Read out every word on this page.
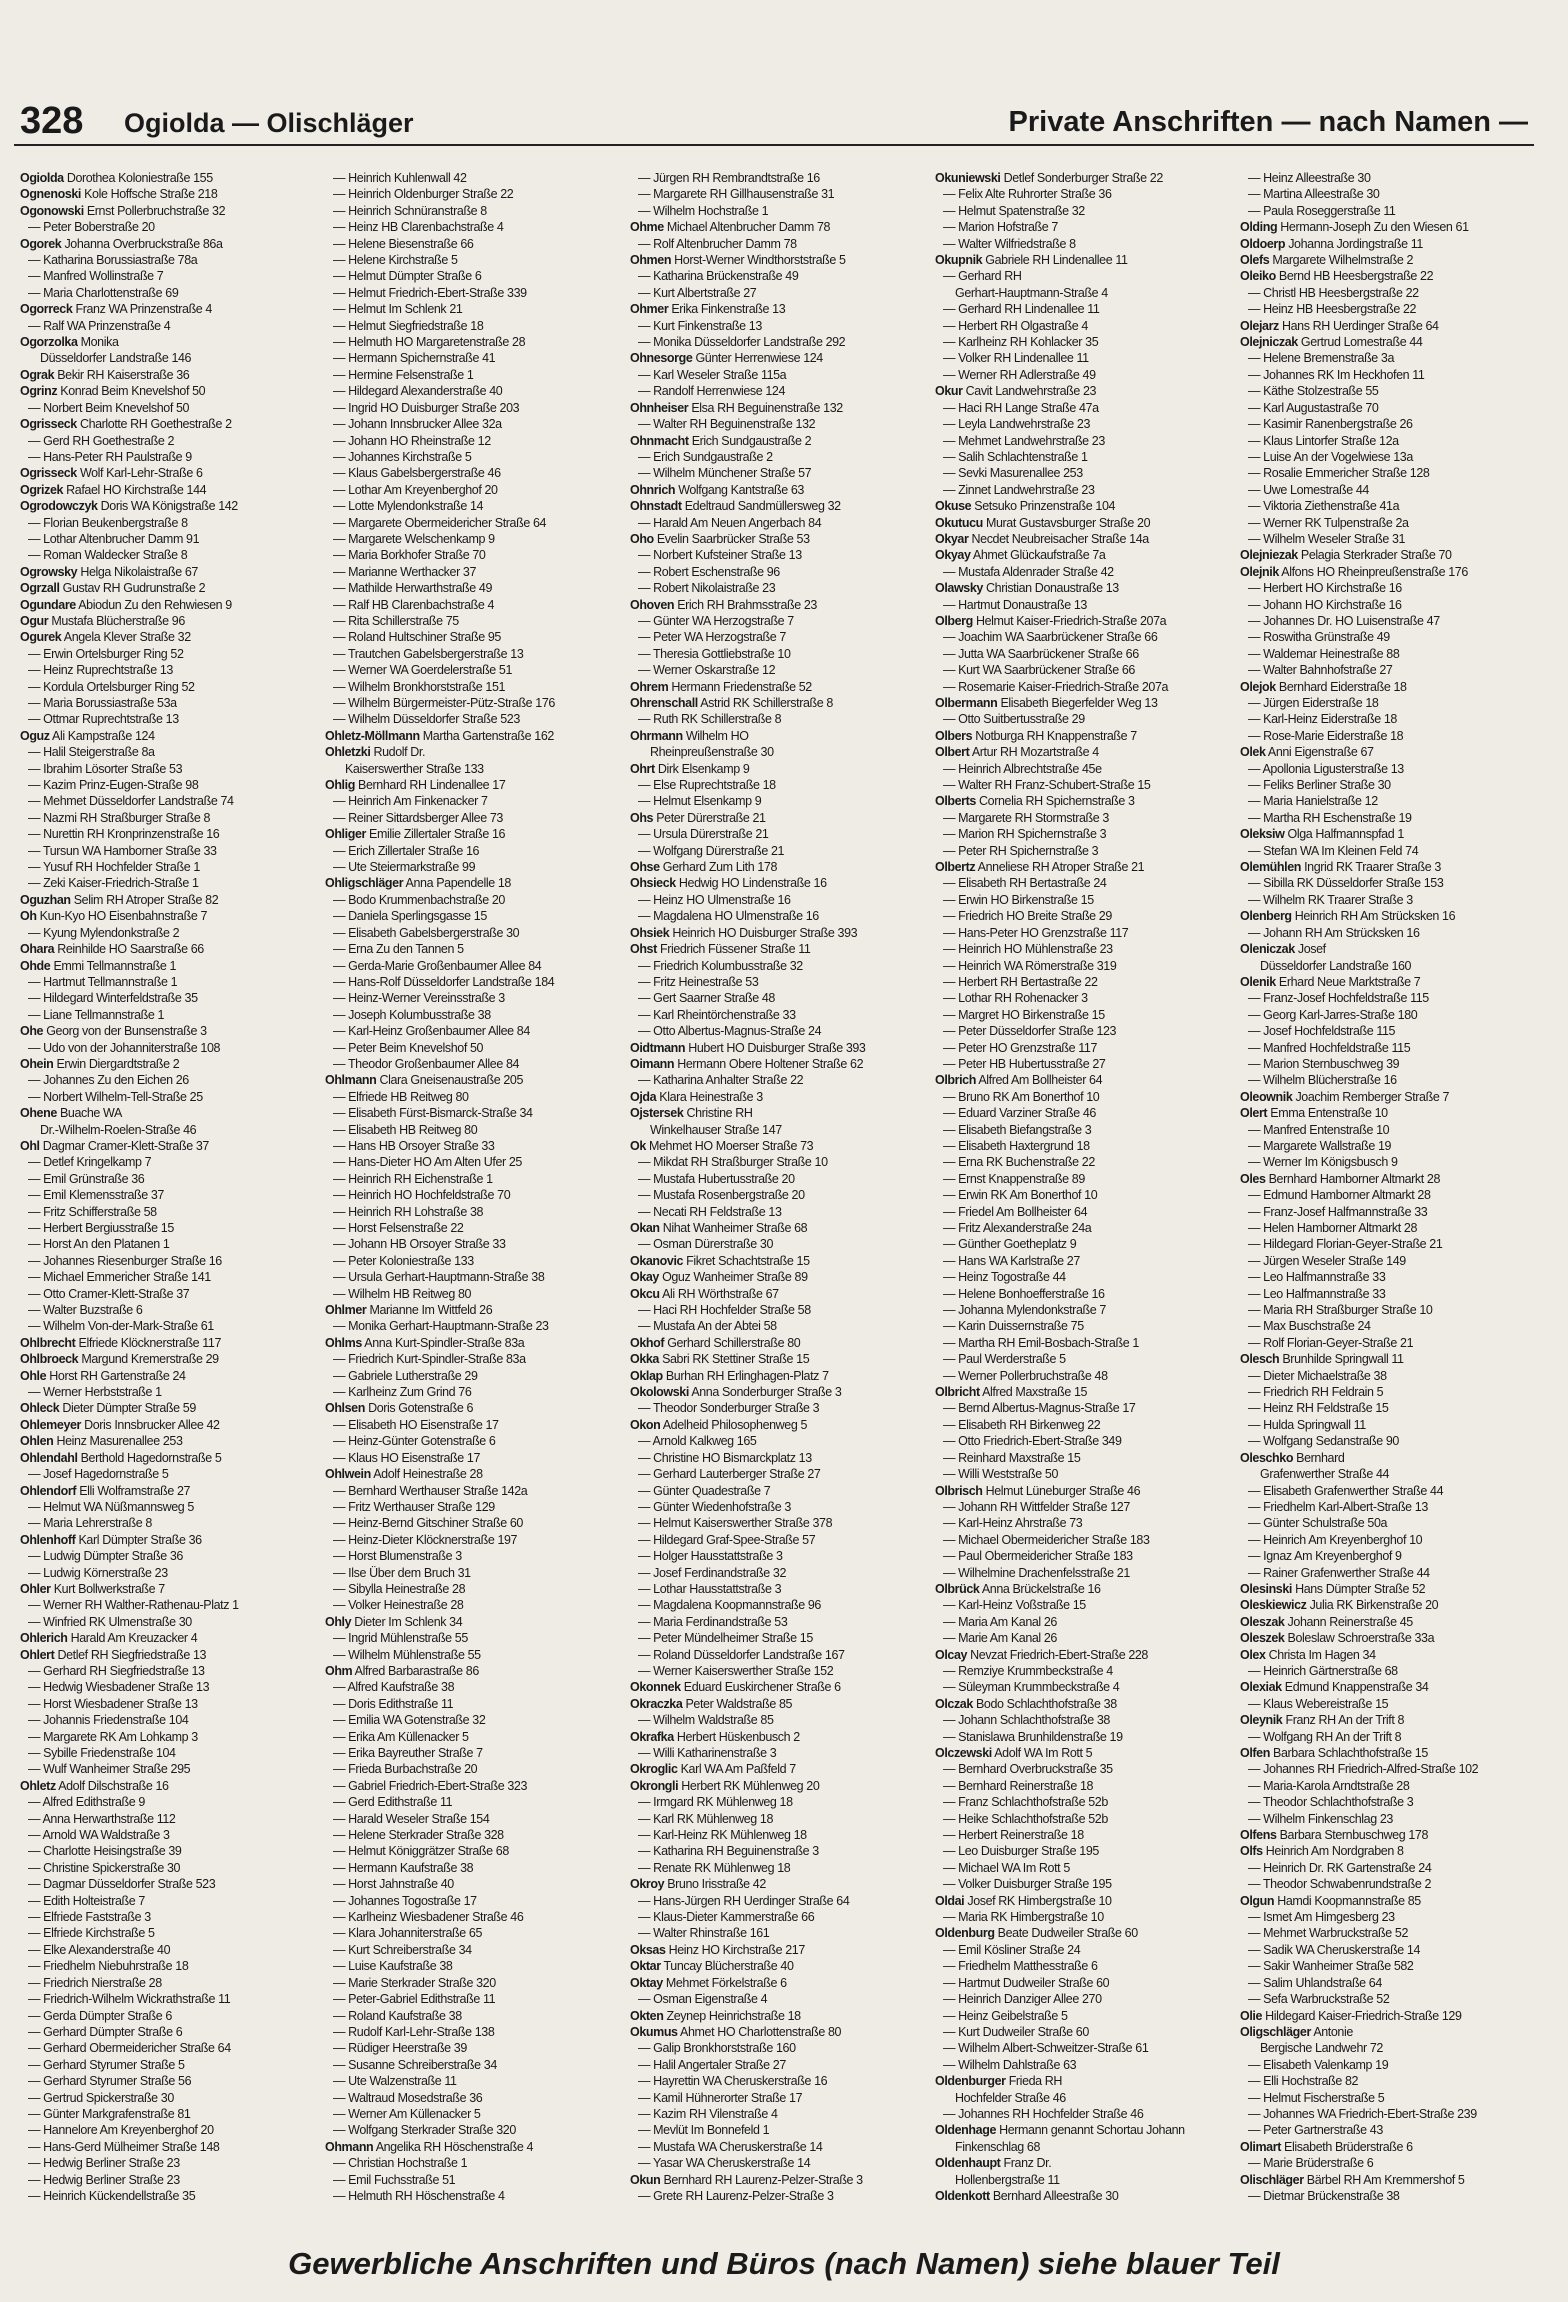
328 Ogiolda — Olischläger	Private Anschriften — nach Namen —
Ogiolda Dorothea Koloniestraße 155
Ognenoski Kole Hoffsche Straße 218
Ogonowski Ernst Pollerbruchstraße 32
— Peter Boberstraße 20
Ogorek Johanna Overbruckstraße 86a
— Katharina Borussiastraße 78a
— Manfred Wollinstraße 7
— Maria Charlottenstraße 69
Ogorreck Franz WA Prinzenstraße 4
— Ralf WA Prinzenstraße 4
Ogorzolka Monika
Düsseldorfer Landstraße 146
Ograk Bekir RH Kaiserstraße 36
Ogrinz Konrad Beim Knevelshof 50
— Norbert Beim Knevelshof 50
Ogrisseck Charlotte RH Goethestraße 2
— Gerd RH Goethestraße 2
— Hans-Peter RH Paulstraße 9
Ogrisseck Wolf Karl-Lehr-Straße 6
Ogrizek Rafael HO Kirchstraße 144
Ogrodowczyk Doris WA Königstraße 142
— Florian Beukenbergstraße 8
— Lothar Altenbrucher Damm 91
— Roman Waldecker Straße 8
Ogrowsky Helga Nikolaistraße 67
Ogrzall Gustav RH Gudrunstraße 2
Ogundare Abiodun Zu den Rehwiesen 9
Ogur Mustafa Blücherstraße 96
Ogurek Angela Klever Straße 32
— Erwin Ortelsburger Ring 52
— Heinz Ruprechtstraße 13
— Kordula Ortelsburger Ring 52
— Maria Borussiastraße 53a
— Ottmar Ruprechtstraße 13
Oguz Ali Kampstraße 124
— Halil Steigerstraße 8a
— Ibrahim Lösorter Straße 53
— Kazim Prinz-Eugen-Straße 98
— Mehmet Düsseldorfer Landstraße 74
— Nazmi RH Straßburger Straße 8
— Nurettin RH Kronprinzenstraße 16
— Tursun WA Hamborner Straße 33
— Yusuf RH Hochfelder Straße 1
— Zeki Kaiser-Friedrich-Straße 1
Oguzhan Selim RH Atroper Straße 82
Oh Kun-Kyo HO Eisenbahnstraße 7
— Kyung Mylendonkstraße 2
Ohara Reinhilde HO Saarstraße 66
Ohde Emmi Tellmannstraße 1
— Hartmut Tellmannstraße 1
— Hildegard Winterfeldstraße 35
— Liane Tellmannstraße 1
Ohe Georg von der Bunsenstraße 3
— Udo von der Johanniterstraße 108
Ohein Erwin Diergardtstraße 2
— Johannes Zu den Eichen 26
— Norbert Wilhelm-Tell-Straße 25
Ohene Buache WA
Dr.-Wilhelm-Roelen-Straße 46
Ohl Dagmar Cramer-Klett-Straße 37
— Detlef Kringelkamp 7
— Emil Grünstraße 36
— Emil Klemensstraße 37
— Fritz Schifferstraße 58
— Herbert Bergiusstraße 15
— Horst An den Platanen 1
— Johannes Riesenburger Straße 16
— Michael Emmericher Straße 141
— Otto Cramer-Klett-Straße 37
— Walter Buzstraße 6
— Wilhelm Von-der-Mark-Straße 61
Ohlbrecht Elfriede Klöcknerstraße 117
Ohlbroeck Margund Kremerstraße 29
Ohle Horst RH Gartenstraße 24
— Werner Herbststraße 1
Ohleck Dieter Dümpter Straße 59
Ohlemeyer Doris Innsbrucker Allee 42
Ohlen Heinz Masurenallee 253
Ohlendahl Berthold Hagedornstraße 5
— Josef Hagedornstraße 5
Ohlendorf Elli Wolframstraße 27
— Helmut WA Nüßmannsweg 5
— Maria Lehrerstraße 8
Ohlenhoff Karl Dümpter Straße 36
— Ludwig Dümpter Straße 36
— Ludwig Körnerstraße 23
Ohler Kurt Bollwerkstraße 7
— Werner RH Walther-Rathenau-Platz 1
— Winfried RK Ulmenstraße 30
Ohlerich Harald Am Kreuzacker 4
Ohlert Detlef RH Siegfriedstraße 13
— Gerhard RH Siegfriedstraße 13
— Hedwig Wiesbadener Straße 13
— Horst Wiesbadener Straße 13
— Johannis Friedenstraße 104
— Margarete RK Am Lohkamp 3
— Sybille Friedenstraße 104
— Wulf Wanheimer Straße 295
Ohletz Adolf Dilschstraße 16
— Alfred Edithstraße 9
— Anna Herwarthstraße 112
— Arnold WA Waldstraße 3
— Charlotte Heisingstraße 39
— Christine Spickerstraße 30
— Dagmar Düsseldorfer Straße 523
— Edith Holteistraße 7
— Elfriede Faststraße 3
— Elfriede Kirchstraße 5
— Elke Alexanderstraße 40
— Friedhelm Niebuhrstraße 18
— Friedrich Nierstraße 28
— Friedrich-Wilhelm Wickrathstraße 11
— Gerda Dümpter Straße 6
— Gerhard Dümpter Straße 6
— Gerhard Obermeidericher Straße 64
— Gerhard Styrumer Straße 5
— Gerhard Styrumer Straße 56
— Gertrud Spickerstraße 30
— Günter Markgrafenstraße 81
— Hannelore Am Kreyenberghof 20
— Hans-Gerd Mülheimer Straße 148
— Hedwig Berliner Straße 23
— Hedwig Berliner Straße 23
— Heinrich Kückendellstraße 35
— Heinrich Kuhlenwall 42
— Heinrich Oldenburger Straße 22
— Heinrich Schnüranstraße 8
— Heinz HB Clarenbachstraße 4
— Helene Biesenstraße 66
— Helene Kirchstraße 5
— Helmut Dümpter Straße 6
— Helmut Friedrich-Ebert-Straße 339
— Helmut Im Schlenk 21
— Helmut Siegfriedstraße 18
— Helmuth HO Margaretenstraße 28
— Hermann Spichernstraße 41
— Hermine Felsenstraße 1
— Hildegard Alexanderstraße 40
— Ingrid HO Duisburger Straße 203
— Johann Innsbrucker Allee 32a
— Johann HO Rheinstraße 12
— Johannes Kirchstraße 5
— Klaus Gabelsbergerstraße 46
— Lothar Am Kreyenberghof 20
— Lotte Mylendonkstraße 14
— Margarete Obermeidericher Straße 64
— Margarete Welschenkamp 9
— Maria Borkhofer Straße 70
— Marianne Werthacker 37
— Mathilde Herwarthstraße 49
— Ralf HB Clarenbachstraße 4
— Rita Schillerstraße 75
— Roland Hultschiner Straße 95
— Trautchen Gabelsbergerstraße 13
— Werner WA Goerdelerstraße 51
— Wilhelm Bronkhorststraße 151
— Wilhelm Bürgermeister-Pütz-Straße 176
— Wilhelm Düsseldorfer Straße 523
Ohletz-Möllmann Martha Gartenstraße 162
Ohletzki Rudolf Dr.
Kaiserswerther Straße 133
Ohlig Bernhard RH Lindenallee 17
— Heinrich Am Finkenacker 7
— Reiner Sittardsberger Allee 73
Ohliger Emilie Zillertaler Straße 16
— Erich Zillertaler Straße 16
— Ute Steiermarkstraße 99
Ohligschläger Anna Papendelle 18
— Bodo Krummenbachstraße 20
— Daniela Sperlingsgasse 15
— Elisabeth Gabelsbergerstraße 30
— Erna Zu den Tannen 5
— Gerda-Marie Großenbaumer Allee 84
— Hans-Rolf Düsseldorfer Landstraße 184
— Heinz-Werner Vereinsstraße 3
— Joseph Kolumbusstraße 38
— Karl-Heinz Großenbaumer Allee 84
— Peter Beim Knevelshof 50
— Theodor Großenbaumer Allee 84
Ohlmann Clara Gneisenaustraße 205
— Elfriede HB Reitweg 80
— Elisabeth Fürst-Bismarck-Straße 34
— Elisabeth HB Reitweg 80
— Hans HB Orsoyer Straße 33
— Hans-Dieter HO Am Alten Ufer 25
— Heinrich RH Eichenstraße 1
— Heinrich HO Hochfeldstraße 70
— Heinrich RH Lohstraße 38
— Horst Felsenstraße 22
— Johann HB Orsoyer Straße 33
— Peter Koloniestraße 133
— Ursula Gerhart-Hauptmann-Straße 38
— Wilhelm HB Reitweg 80
Ohlmer Marianne Im Wittfeld 26
— Monika Gerhart-Hauptmann-Straße 23
Ohlms Anna Kurt-Spindler-Straße 83a
— Friedrich Kurt-Spindler-Straße 83a
— Gabriele Lutherstraße 29
— Karlheinz Zum Grind 76
Ohlsen Doris Gotenstraße 6
— Elisabeth HO Eisenstraße 17
— Heinz-Günter Gotenstraße 6
— Klaus HO Eisenstraße 17
Ohlwein Adolf Heinestraße 28
— Bernhard Werthauser Straße 142a
— Fritz Werthauser Straße 129
— Heinz-Bernd Gitschiner Straße 60
— Heinz-Dieter Klöcknerstraße 197
— Horst Blumenstraße 3
— Ilse Über dem Bruch 31
— Sibylla Heinestraße 28
— Volker Heinestraße 28
Ohly Dieter Im Schlenk 34
— Ingrid Mühlenstraße 55
— Wilhelm Mühlenstraße 55
Ohm Alfred Barbarastraße 86
— Alfred Kaufstraße 38
— Doris Edithstraße 11
— Emilia WA Gotenstraße 32
— Erika Am Küllenacker 5
— Erika Bayreuther Straße 7
— Frieda Burbachstraße 20
— Gabriel Friedrich-Ebert-Straße 323
— Gerd Edithstraße 11
— Harald Weseler Straße 154
— Helene Sterkrader Straße 328
— Helmut Königgrätzer Straße 68
— Hermann Kaufstraße 38
— Horst Jahnstraße 40
— Johannes Togostraße 17
— Karlheinz Wiesbadener Straße 46
— Klara Johanniterstraße 65
— Kurt Schreiberstraße 34
— Luise Kaufstraße 38
— Marie Sterkrader Straße 320
— Peter-Gabriel Edithstraße 11
— Roland Kaufstraße 38
— Rudolf Karl-Lehr-Straße 138
— Rüdiger Heerstraße 39
— Susanne Schreiberstraße 34
— Ute Walzenstraße 11
— Waltraud Mosedstraße 36
— Werner Am Küllenacker 5
— Wolfgang Sterkrader Straße 320
Ohmann Angelika RH Höschenstraße 4
— Christian Hochstraße 1
— Emil Fuchsstraße 51
— Helmuth RH Höschenstraße 4
— Jürgen RH Rembrandtstraße 16
— Margarete RH Gillhausenstraße 31
— Wilhelm Hochstraße 1
Ohme Michael Altenbrucher Damm 78
— Rolf Altenbrucher Damm 78
Ohmen Horst-Werner Windthorststraße 5
— Katharina Brückenstraße 49
— Kurt Albertstraße 27
Ohmer Erika Finkenstraße 13
— Kurt Finkenstraße 13
— Monika Düsseldorfer Landstraße 292
Ohnesorge Günter Herrenwiese 124
— Karl Weseler Straße 115a
— Randolf Herrenwiese 124
Ohnheiser Elsa RH Beguinenstraße 132
— Walter RH Beguinenstraße 132
Ohnmacht Erich Sundgaustraße 2
— Erich Sundgaustraße 2
— Wilhelm Münchener Straße 57
Ohnrich Wolfgang Kantstraße 63
Ohnstadt Edeltraud Sandmüllersweg 32
— Harald Am Neuen Angerbach 84
Oho Evelin Saarbrücker Straße 53
— Norbert Kufsteiner Straße 13
— Robert Eschenstraße 96
— Robert Nikolaistraße 23
Ohoven Erich RH Brahmsstraße 23
— Günter WA Herzogstraße 7
— Peter WA Herzogstraße 7
— Theresia Gottliebstraße 10
— Werner Oskarstraße 12
Ohrem Hermann Friedenstraße 52
Ohrenschall Astrid RK Schillerstraße 8
— Ruth RK Schillerstraße 8
Ohrmann Wilhelm HO
Rheinpreußenstraße 30
Ohrt Dirk Elsenkamp 9
— Else Ruprechtstraße 18
— Helmut Elsenkamp 9
Ohs Peter Dürerstraße 21
— Ursula Dürerstraße 21
— Wolfgang Dürerstraße 21
Ohse Gerhard Zum Lith 178
Ohsieck Hedwig HO Lindenstraße 16
— Heinz HO Ulmenstraße 16
— Magdalena HO Ulmenstraße 16
Ohsiek Heinrich HO Duisburger Straße 393
Ohst Friedrich Füssener Straße 11
— Friedrich Kolumbusstraße 32
— Fritz Heinestraße 53
— Gert Saarner Straße 48
— Karl Rheintörchenstraße 33
— Otto Albertus-Magnus-Straße 24
Oidtmann Hubert HO Duisburger Straße 393
Oimann Hermann Obere Holtener Straße 62
— Katharina Anhalter Straße 22
Ojda Klara Heinestraße 3
Ojstersek Christine RH
Winkelhauser Straße 147
Ok Mehmet HO Moerser Straße 73
— Mikdat RH Straßburger Straße 10
— Mustafa Hubertusstraße 20
— Mustafa Rosenbergstraße 20
— Necati RH Feldstraße 13
Okan Nihat Wanheimer Straße 68
— Osman Dürerstraße 30
Okanovic Fikret Schachtstraße 15
Okay Oguz Wanheimer Straße 89
Okcu Ali RH Wörthstraße 67
— Haci RH Hochfelder Straße 58
— Mustafa An der Abtei 58
Okhof Gerhard Schillerstraße 80
Okka Sabri RK Stettiner Straße 15
Oklap Burhan RH Erlinghagen-Platz 7
Okolowski Anna Sonderburger Straße 3
— Theodor Sonderburger Straße 3
Okon Adelheid Philosophenweg 5
— Arnold Kalkweg 165
— Christine HO Bismarckplatz 13
— Gerhard Lauterberger Straße 27
— Günter Quadestraße 7
— Günter Wiedenhofstraße 3
— Helmut Kaiserswerther Straße 378
— Hildegard Graf-Spee-Straße 57
— Holger Hausstattstraße 3
— Josef Ferdinandstraße 32
— Lothar Hausstattstraße 3
— Magdalena Koopmannstraße 96
— Maria Ferdinandstraße 53
— Peter Mündelheimer Straße 15
— Roland Düsseldorfer Landstraße 167
— Werner Kaiserswerther Straße 152
Okonnek Eduard Euskirchener Straße 6
Okraczka Peter Waldstraße 85
— Wilhelm Waldstraße 85
Okrafka Herbert Hüskenbusch 2
— Willi Katharinenstraße 3
Okroglic Karl WA Am Paßfeld 7
Okrongli Herbert RK Mühlenweg 20
— Irmgard RK Mühlenweg 18
— Karl RK Mühlenweg 18
— Karl-Heinz RK Mühlenweg 18
— Katharina RH Beguinenstraße 3
— Renate RK Mühlenweg 18
Okroy Bruno Irisstraße 42
— Hans-Jürgen RH Uerdinger Straße 64
— Klaus-Dieter Kammerstraße 66
— Walter Rhinstraße 161
Oksas Heinz HO Kirchstraße 217
Oktar Tuncay Blücherstraße 40
Oktay Mehmet Förkelstraße 6
— Osman Eigenstraße 4
Okten Zeynep Heinrichstraße 18
Okumus Ahmet HO Charlottenstraße 80
— Galip Bronkhorststraße 160
— Halil Angertaler Straße 27
— Hayrettin WA Cheruskerstraße 16
— Kamil Hühnerorter Straße 17
— Kazim RH Vilenstraße 4
— Mevlüt Im Bonnefeld 1
— Mustafa WA Cheruskerstraße 14
— Yasar WA Cheruskerstraße 14
Okun Bernhard RH Laurenz-Pelzer-Straße 3
— Grete RH Laurenz-Pelzer-Straße 3
Okuniewski Detlef Sonderburger Straße 22
— Felix Alte Ruhrorter Straße 36
— Helmut Spatenstraße 32
— Marion Hofstraße 7
— Walter Wilfriedstraße 8
Okupnik Gabriele RH Lindenallee 11
— Gerhard RH
Gerhart-Hauptmann-Straße 4
— Gerhard RH Lindenallee 11
— Herbert RH Olgastraße 4
— Karlheinz RH Kohlacker 35
— Volker RH Lindenallee 11
— Werner RH Adlerstraße 49
Okur Cavit Landwehrstraße 23
— Haci RH Lange Straße 47a
— Leyla Landwehrstraße 23
— Mehmet Landwehrstraße 23
— Salih Schlachtenstraße 1
— Sevki Masurenallee 253
— Zinnet Landwehrstraße 23
Okuse Setsuko Prinzenstraße 104
Okutucu Murat Gustavsburger Straße 20
Okyar Necdet Neubreisacher Straße 14a
Okyay Ahmet Glückaufstraße 7a
— Mustafa Aldenrader Straße 42
Olawsky Christian Donaustraße 13
— Hartmut Donaustraße 13
Olberg Helmut Kaiser-Friedrich-Straße 207a
— Joachim WA Saarbrückener Straße 66
— Jutta WA Saarbrückener Straße 66
— Kurt WA Saarbrückener Straße 66
— Rosemarie Kaiser-Friedrich-Straße 207a
Olbermann Elisabeth Biegerfelder Weg 13
— Otto Suitbertusstraße 29
Olbers Notburga RH Knappenstraße 7
Olbert Artur RH Mozartstraße 4
— Heinrich Albrechtstraße 45e
— Walter RH Franz-Schubert-Straße 15
Olberts Cornelia RH Spichernstraße 3
— Margarete RH Stormstraße 3
— Marion RH Spichernstraße 3
— Peter RH Spichernstraße 3
Olbertz Anneliese RH Atroper Straße 21
— Elisabeth RH Bertastraße 24
— Erwin HO Birkenstraße 15
— Friedrich HO Breite Straße 29
— Hans-Peter HO Grenzstraße 117
— Heinrich HO Mühlenstraße 23
— Heinrich WA Römerstraße 319
— Herbert RH Bertastraße 22
— Lothar RH Rohenacker 3
— Margret HO Birkenstraße 15
— Peter Düsseldorfer Straße 123
— Peter HO Grenzstraße 117
— Peter HB Hubertusstraße 27
Olbrich Alfred Am Bollheister 64
— Bruno RK Am Bonerthof 10
— Eduard Varziner Straße 46
— Elisabeth Biefangstraße 3
— Elisabeth Haxtergrund 18
— Erna RK Buchenstraße 22
— Ernst Knappenstraße 89
— Erwin RK Am Bonerthof 10
— Friedel Am Bollheister 64
— Fritz Alexanderstraße 24a
— Günther Goetheplatz 9
— Hans WA Karlstraße 27
— Heinz Togostraße 44
— Helene Bonhoefferstraße 16
— Johanna Mylendonkstraße 7
— Karin Duissernstraße 75
— Martha RH Emil-Bosbach-Straße 1
— Paul Werderstraße 5
— Werner Pollerbruchstraße 48
Olbricht Alfred Maxstraße 15
— Bernd Albertus-Magnus-Straße 17
— Elisabeth RH Birkenweg 22
— Otto Friedrich-Ebert-Straße 349
— Reinhard Maxstraße 15
— Willi Weststraße 50
Olbrisch Helmut Lüneburger Straße 46
— Johann RH Wittfelder Straße 127
— Karl-Heinz Ahrstraße 73
— Michael Obermeidericher Straße 183
— Paul Obermeidericher Straße 183
— Wilhelmine Drachenfelsstraße 21
Olbrück Anna Brückelstraße 16
— Karl-Heinz Voßstraße 15
— Maria Am Kanal 26
— Marie Am Kanal 26
Olcay Nevzat Friedrich-Ebert-Straße 228
— Remziye Krummbeckstraße 4
— Süleyman Krummbeckstraße 4
Olczak Bodo Schlachthofstraße 38
— Johann Schlachthofstraße 38
— Stanislawa Brunhildenstraße 19
Olczewski Adolf WA Im Rott 5
— Bernhard Overbruckstraße 35
— Bernhard Reinerstraße 18
— Franz Schlachthofstraße 52b
— Heike Schlachthofstraße 52b
— Herbert Reinerstraße 18
— Leo Duisburger Straße 195
— Michael WA Im Rott 5
— Volker Duisburger Straße 195
Oldai Josef RK Himbergstraße 10
— Maria RK Himbergstraße 10
Oldenburg Beate Dudweiler Straße 60
— Emil Kösliner Straße 24
— Friedhelm Matthesstraße 6
— Hartmut Dudweiler Straße 60
— Heinrich Danziger Allee 270
— Heinz Geibelstraße 5
— Kurt Dudweiler Straße 60
— Wilhelm Albert-Schweitzer-Straße 61
— Wilhelm Dahlstraße 63
Oldenburger Frieda RH
Hochfelder Straße 46
— Johannes RH Hochfelder Straße 46
Oldenhage Hermann genannt Schortau Johann
Finkenschlag 68
Oldenhaupt Franz Dr.
Hollenbergstraße 11
Oldenkott Bernhard Alleestraße 30
— Heinz Alleestraße 30
— Martina Alleestraße 30
— Paula Roseggerstraße 11
Olding Hermann-Joseph Zu den Wiesen 61
Oldoerp Johanna Jordingstraße 11
Olefs Margarete Wilhelmstraße 2
Oleiko Bernd HB Heesbergstraße 22
— Christl HB Heesbergstraße 22
— Heinz HB Heesbergstraße 22
Olejarz Hans RH Uerdinger Straße 64
Olejniczak Gertrud Lomestraße 44
— Helene Bremenstraße 3a
— Johannes RK Im Heckhofen 11
— Käthe Stolzestraße 55
— Karl Augustastraße 70
— Kasimir Ranenbergstraße 26
— Klaus Lintorfer Straße 12a
— Luise An der Vogelwiese 13a
— Rosalie Emmericher Straße 128
— Uwe Lomestraße 44
— Viktoria Ziethenstraße 41a
— Werner RK Tulpenstraße 2a
— Wilhelm Weseler Straße 31
Olejniezak Pelagia Sterkrader Straße 70
Olejnik Alfons HO Rheinpreußenstraße 176
— Herbert HO Kirchstraße 16
— Johann HO Kirchstraße 16
— Johannes Dr. HO Luisenstraße 47
— Roswitha Grünstraße 49
— Waldemar Heinestraße 88
— Walter Bahnhofstraße 27
Olejok Bernhard Eiderstraße 18
— Jürgen Eiderstraße 18
— Karl-Heinz Eiderstraße 18
— Rose-Marie Eiderstraße 18
Olek Anni Eigenstraße 67
— Apollonia Ligusterstraße 13
— Feliks Berliner Straße 30
— Maria Hanielstraße 12
— Martha RH Eschenstraße 19
Oleksiw Olga Halfmannspfad 1
— Stefan WA Im Kleinen Feld 74
Olemühlen Ingrid RK Traarer Straße 3
— Sibilla RK Düsseldorfer Straße 153
— Wilhelm RK Traarer Straße 3
Olenberg Heinrich RH Am Strücksken 16
— Johann RH Am Strücksken 16
Oleniczak Josef
Düsseldorfer Landstraße 160
Olenik Erhard Neue Marktstraße 7
— Franz-Josef Hochfeldstraße 115
— Georg Karl-Jarres-Straße 180
— Josef Hochfeldstraße 115
— Manfred Hochfeldstraße 115
— Marion Sternbuschweg 39
— Wilhelm Blücherstraße 16
Oleownik Joachim Remberger Straße 7
Olert Emma Entenstraße 10
— Manfred Entenstraße 10
— Margarete Wallstraße 19
— Werner Im Königsbusch 9
Oles Bernhard Hamborner Altmarkt 28
— Edmund Hamborner Altmarkt 28
— Franz-Josef Halfmannstraße 33
— Helen Hamborner Altmarkt 28
— Hildegard Florian-Geyer-Straße 21
— Jürgen Weseler Straße 149
— Leo Halfmannstraße 33
— Leo Halfmannstraße 33
— Maria RH Straßburger Straße 10
— Max Buschstraße 24
— Rolf Florian-Geyer-Straße 21
Olesch Brunhilde Springwall 11
— Dieter Michaelstraße 38
— Friedrich RH Feldrain 5
— Heinz RH Feldstraße 15
— Hulda Springwall 11
— Wolfgang Sedanstraße 90
Oleschko Bernhard
Grafenwerther Straße 44
— Elisabeth Grafenwerther Straße 44
— Friedhelm Karl-Albert-Straße 13
— Günter Schulstraße 50a
— Heinrich Am Kreyenberghof 10
— Ignaz Am Kreyenberghof 9
— Rainer Grafenwerther Straße 44
Olesinski Hans Dümpter Straße 52
Oleskiewicz Julia RK Birkenstraße 20
Oleszak Johann Reinerstraße 45
Oleszek Boleslaw Schroerstraße 33a
Olex Christa Im Hagen 34
— Heinrich Gärtnerstraße 68
Olexiak Edmund Knappenstraße 34
— Klaus Webereistraße 15
Oleynik Franz RH An der Trift 8
— Wolfgang RH An der Trift 8
Olfen Barbara Schlachthofstraße 15
— Johannes RH Friedrich-Alfred-Straße 102
— Maria-Karola Arndtstraße 28
— Theodor Schlachthofstraße 3
— Wilhelm Finkenschlag 23
Olfens Barbara Sternbuschweg 178
Olfs Heinrich Am Nordgraben 8
— Heinrich Dr. RK Gartenstraße 24
— Theodor Schwabenrundstraße 2
Olgun Hamdi Koopmannstraße 85
— Ismet Am Himgesberg 23
— Mehmet Warbruckstraße 52
— Sadik WA Cheruskerstraße 14
— Sakir Wanheimer Straße 582
— Salim Uhlandstraße 64
— Sefa Warbruckstraße 52
Olie Hildegard Kaiser-Friedrich-Straße 129
Oligschläger Antonie
Bergische Landwehr 72
— Elisabeth Valenkamp 19
— Elli Hochstraße 82
— Helmut Fischerstraße 5
— Johannes WA Friedrich-Ebert-Straße 239
— Peter Gartnerstraße 43
Olimart Elisabeth Brüderstraße 6
— Marie Brüderstraße 6
Olischläger Bärbel RH Am Kremmershof 5
— Dietmar Brückenstraße 38
Gewerbliche Anschriften und Büros (nach Namen) siehe blauer Teil
